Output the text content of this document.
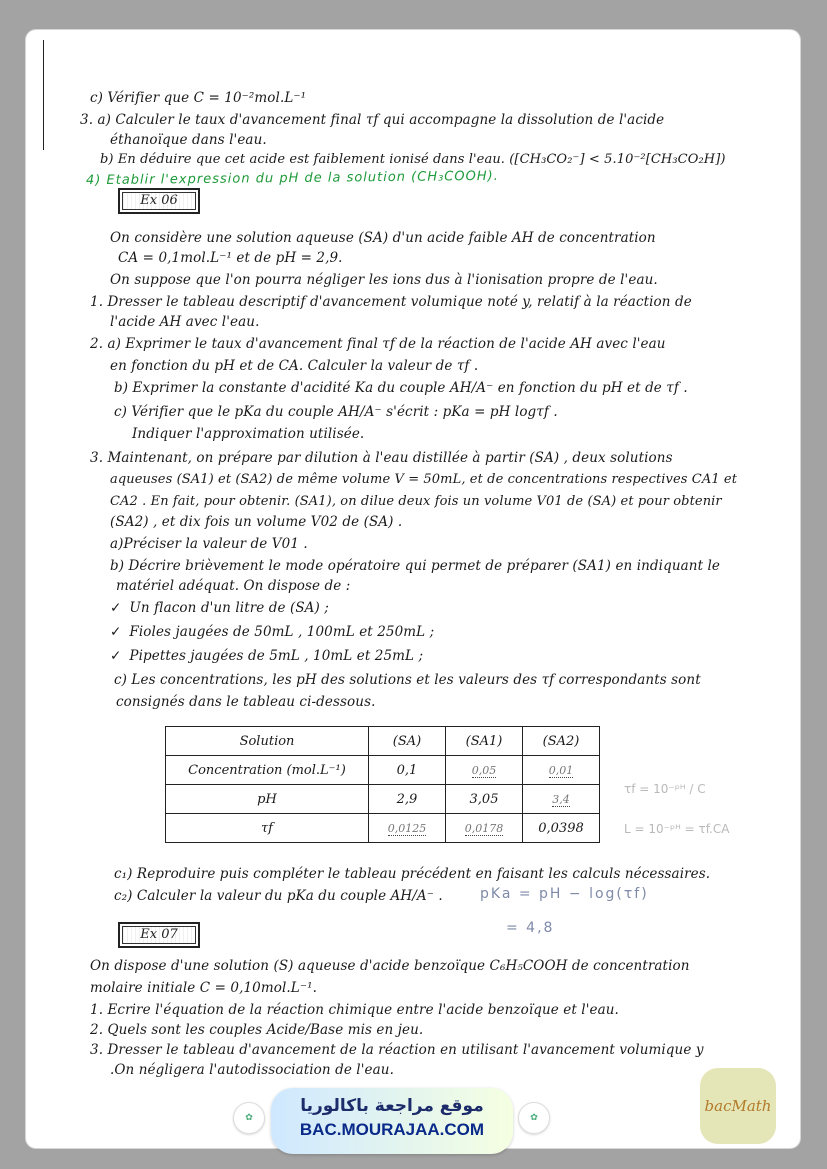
c) Vérifier que C = 10⁻²mol.L⁻¹
3. a) Calculer le taux d'avancement final τf qui accompagne la dissolution de l'acide
éthanoïque dans l'eau.
b) En déduire que cet acide est faiblement ionisé dans l'eau. ([CH₃CO₂⁻] < 5.10⁻²[CH₃CO₂H])
4) Etablir l'expression du pH de la solution (CH₃COOH).
Ex 06
On considère une solution aqueuse (SA) d'un acide faible AH de concentration
CA = 0,1mol.L⁻¹ et de pH = 2,9.
On suppose que l'on pourra négliger les ions dus à l'ionisation propre de l'eau.
1. Dresser le tableau descriptif d'avancement volumique noté y, relatif à la réaction de
l'acide AH avec l'eau.
2. a) Exprimer le taux d'avancement final τf de la réaction de l'acide AH avec l'eau
en fonction du pH et de CA. Calculer la valeur de τf .
b) Exprimer la constante d'acidité Ka du couple AH/A⁻ en fonction du pH et de τf .
c) Vérifier que le pKa du couple AH/A⁻ s'écrit : pKa = pH logτf .
Indiquer l'approximation utilisée.
3. Maintenant, on prépare par dilution à l'eau distillée à partir (SA) , deux solutions
aqueuses (SA1) et (SA2) de même volume V = 50mL, et de concentrations respectives CA1 et
CA2 . En fait, pour obtenir. (SA1), on dilue deux fois un volume V01 de (SA) et pour obtenir
(SA2) , et dix fois un volume V02 de (SA) .
a)Préciser la valeur de V01 .
b) Décrire brièvement le mode opératoire qui permet de préparer (SA1) en indiquant le
matériel adéquat. On dispose de :
✓ Un flacon d'un litre de (SA) ;
✓ Fioles jaugées de 50mL , 100mL et 250mL ;
✓ Pipettes jaugées de 5mL , 10mL et 25mL ;
c) Les concentrations, les pH des solutions et les valeurs des τf correspondants sont
consignés dans le tableau ci-dessous.
Solution	(SA)	(SA1)	(SA2)
Concentration (mol.L⁻¹)	0,1	0,05	0,01
pH	2,9	3,05	3,4
τf	0,0125	0,0178	0,0398
τf = 10⁻ᵖᴴ / C
L = 10⁻ᵖᴴ = τf.CA
c₁) Reproduire puis compléter le tableau précédent en faisant les calculs nécessaires.
c₂) Calculer la valeur du pKa du couple AH/A⁻ .	pKa = pH − log(τf)
= 4,8
Ex 07
On dispose d'une solution (S) aqueuse d'acide benzoïque C₆H₅COOH de concentration
molaire initiale C = 0,10mol.L⁻¹.
1. Ecrire l'équation de la réaction chimique entre l'acide benzoïque et l'eau.
2. Quels sont les couples Acide/Base mis en jeu.
3. Dresser le tableau d'avancement de la réaction en utilisant l'avancement volumique y
.On négligera l'autodissociation de l'eau.
✿	✿
موقع مراجعة باكالوريا
BAC.MOURAJAA.COM
bacMath
